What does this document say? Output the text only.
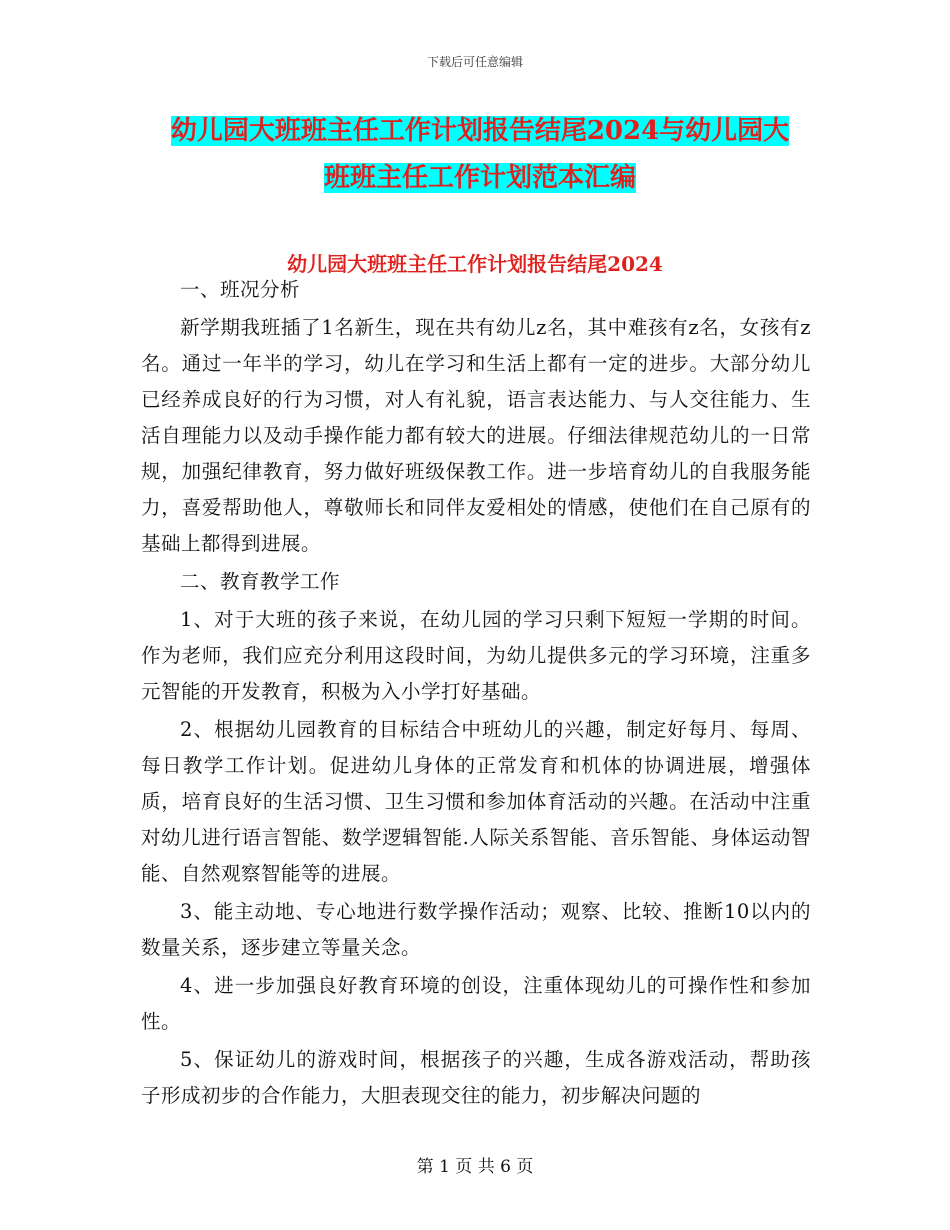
下载后可任意编辑
幼儿园大班班主任工作计划报告结尾2024与幼儿园大
班班主任工作计划范本汇编
幼儿园大班班主任工作计划报告结尾2024

一、班况分析

新学期我班插了1名新生，现在共有幼儿z名，其中难孩有z名，女孩有z名。通过一年半的学习，幼儿在学习和生活上都有一定的进步。大部分幼儿已经养成良好的行为习惯，对人有礼貌，语言表达能力、与人交往能力、生活自理能力以及动手操作能力都有较大的进展。仔细法律规范幼儿的一日常规，加强纪律教育，努力做好班级保教工作。进一步培育幼儿的自我服务能力，喜爱帮助他人，尊敬师长和同伴友爱相处的情感，使他们在自己原有的基础上都得到进展。

二、教育教学工作

1、对于大班的孩子来说，在幼儿园的学习只剩下短短一学期的时间。作为老师，我们应充分利用这段时间，为幼儿提供多元的学习环境，注重多元智能的开发教育，积极为入小学打好基础。

2、根据幼儿园教育的目标结合中班幼儿的兴趣，制定好每月、每周、每日教学工作计划。促进幼儿身体的正常发育和机体的协调进展，增强体质，培育良好的生活习惯、卫生习惯和参加体育活动的兴趣。在活动中注重对幼儿进行语言智能、数学逻辑智能.人际关系智能、音乐智能、身体运动智能、自然观察智能等的进展。

3、能主动地、专心地进行数学操作活动；观察、比较、推断10以内的数量关系，逐步建立等量关念。

4、进一步加强良好教育环境的创设，注重体现幼儿的可操作性和参加性。

5、保证幼儿的游戏时间，根据孩子的兴趣，生成各游戏活动，帮助孩子形成初步的合作能力，大胆表现交往的能力，初步解决问题的

第 1 页 共 6 页
